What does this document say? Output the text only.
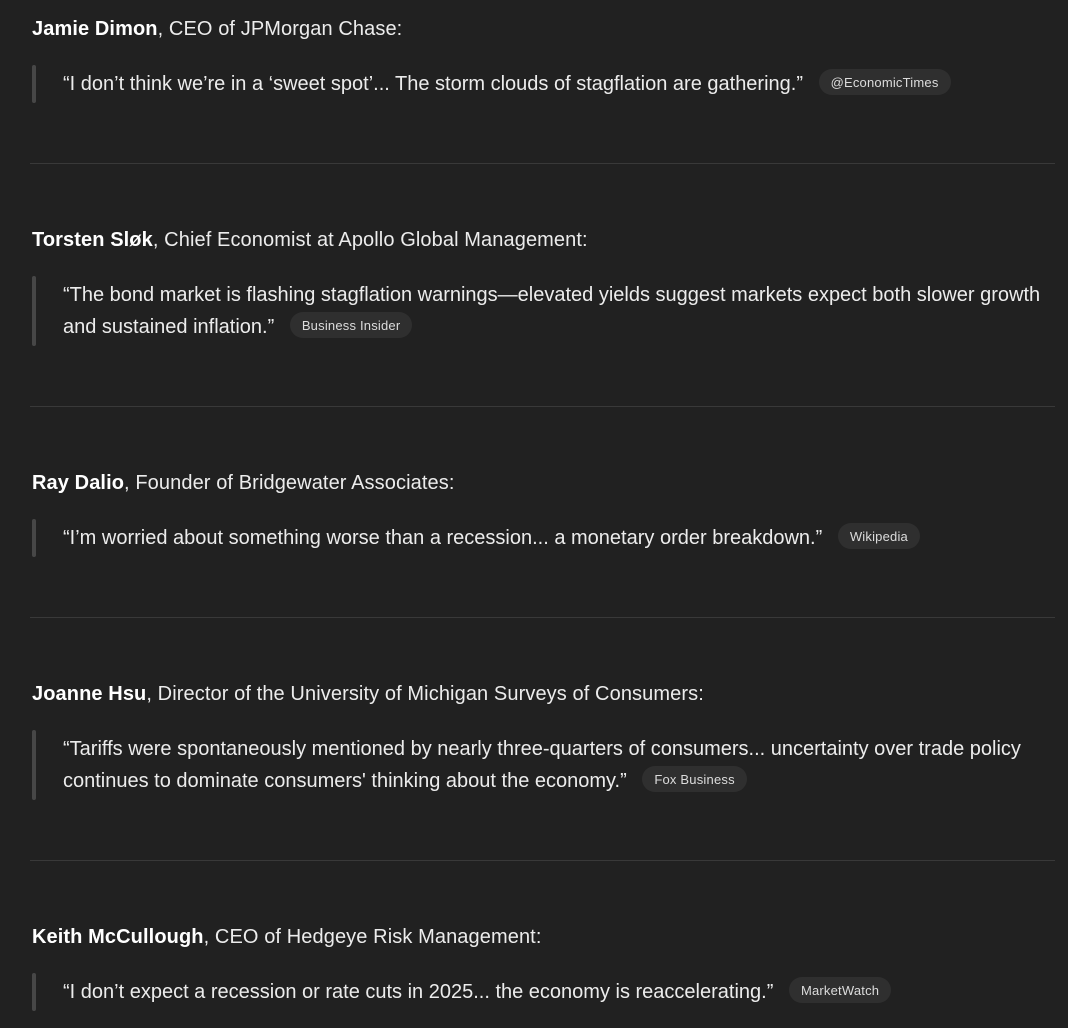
Jamie Dimon, CEO of JPMorgan Chase:
“I don’t think we’re in a ‘sweet spot’... The storm clouds of stagflation are gathering.” @EconomicTimes
Torsten Sløk, Chief Economist at Apollo Global Management:
“The bond market is flashing stagflation warnings—elevated yields suggest markets expect both slower growth and sustained inflation.” Business Insider
Ray Dalio, Founder of Bridgewater Associates:
“I’m worried about something worse than a recession... a monetary order breakdown.” Wikipedia
Joanne Hsu, Director of the University of Michigan Surveys of Consumers:
“Tariffs were spontaneously mentioned by nearly three-quarters of consumers... uncertainty over trade policy continues to dominate consumers' thinking about the economy.” Fox Business
Keith McCullough, CEO of Hedgeye Risk Management:
“I don’t expect a recession or rate cuts in 2025... the economy is reaccelerating.” MarketWatch
